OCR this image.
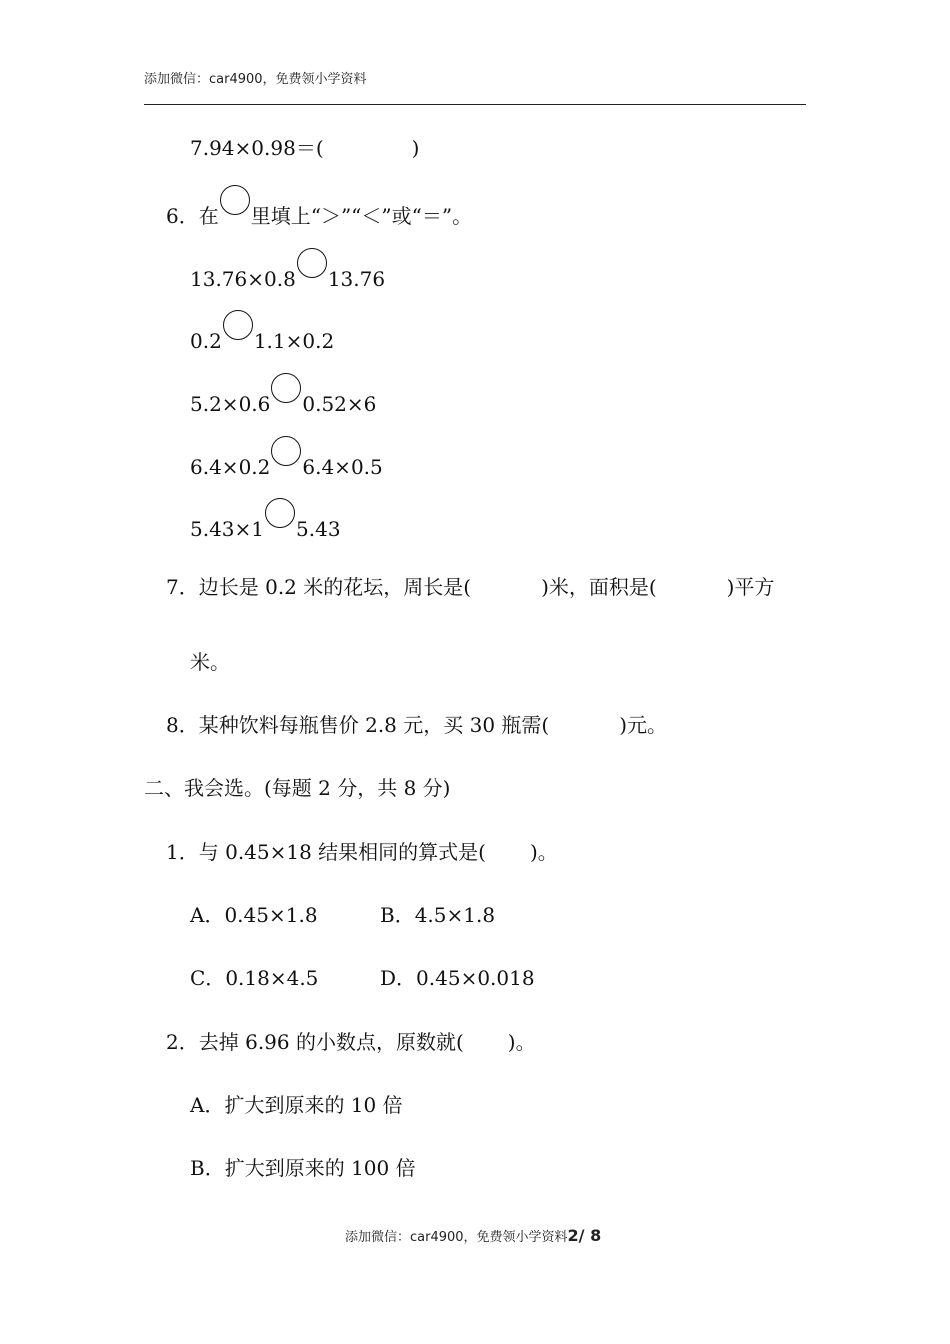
添加微信：car4900，免费领小学资料
7.94×0.98＝(	)
6．在 里填上“＞”“＜”或“＝”。
13.76×0.8 13.76
0.2 1.1×0.2
5.2×0.6 0.52×6
6.4×0.2 6.4×0.5
5.43×1 5.43
7．边长是 0.2 米的花坛，周长是(	)米，面积是(	)平方
米。
8．某种饮料每瓶售价 2.8 元，买 30 瓶需(	)元。
二、我会选。(每题 2 分，共 8 分)
1．与 0.45×18 结果相同的算式是( )。
A．0.45×1.8	B．4.5×1.8
C．0.18×4.5	D．0.45×0.018
2．去掉 6.96 的小数点，原数就( )。
A．扩大到原来的 10 倍
B．扩大到原来的 100 倍
添加微信：car4900，免费领小学资料2/ 8
